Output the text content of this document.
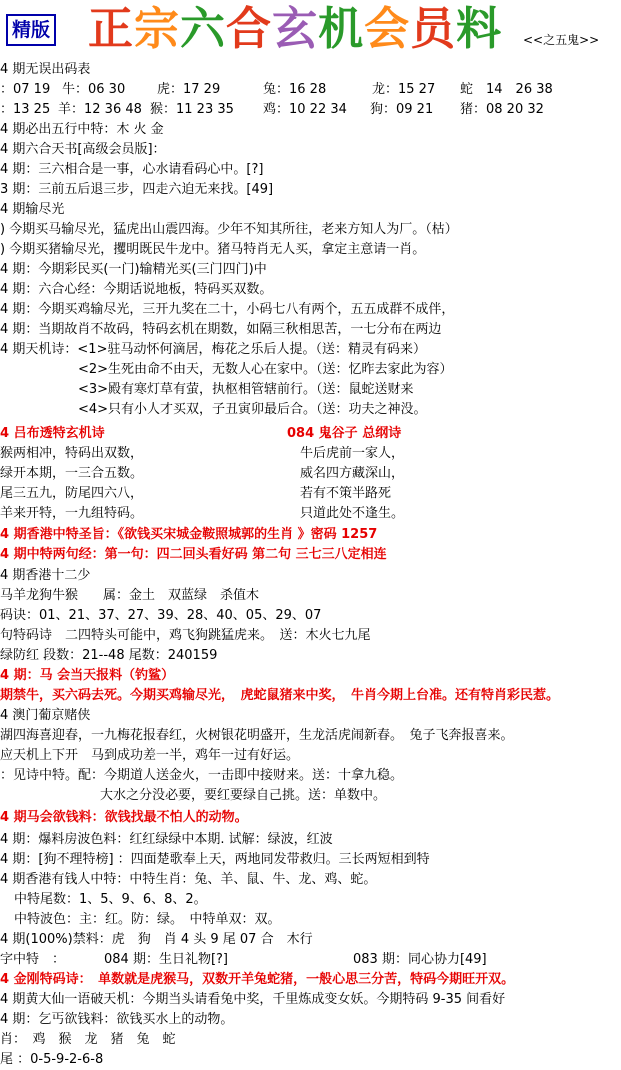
精版 正宗六合玄机会员料 <<之五鬼>>
4 期无误出码表
：07 19 牛：06 30 虎：17 29	兔：16 28	龙：15 27 蛇　14　26 38
：13 25 羊：12 36 48 猴：11 23 35 鸡：10 22 34 狗：09 21 猪：08 20 32
4 期必出五行中特：木 火 金
4 期六合天书[高级会员版]：
4 期：三六相合是一事，心水请看码心中。[?]
3 期：三前五后退三步，四走六迫无来找。[49]
4 期输尽光
) 今期买马输尽光，猛虎出山震四海。少年不知其所往，老来方知人为厂。（枯）
) 今期买猪输尽光，攫明既民牛龙中。猪马特肖无人买，拿定主意请一肖。
4 期：今期彩民买(一门)输精光买(三门四门)中
4 期：六合心经：今期话说地板，特码买双数。
4 期：今期买鸡输尽光，三开九奖在二十，小码七八有两个，五五成群不成伴，
4 期：当期故肖不故码，特码玄机在期数，如隔三秋相思苦，一七分布在两边
4 期天机诗：<1>驻马动怀何滴居，梅花之乐后人提。（送：精灵有码来）
<2>生死由命不由天，无数人心在家中。（送：忆昨去家此为容）
<3>殿有寒灯草有萤，执枢相管辖前行。（送：鼠蛇送财来
<4>只有小人才买双，子丑寅卯最后合。（送：功夫之神没。
4 吕布透特玄机诗	084 鬼谷子 总纲诗
猴两相冲，特码出双数，	牛后虎前一家人，
绿开本期，一三合五数。	威名四方藏深山，
尾三五九，防尾四六八，	若有不策半路死
羊来开特，一九组特码。	只道此处不逢生。
4 期香港中特圣旨：《欲钱买宋城金鞍照城郭的生肖 》密码 1257
4 期中特两句经：第一句：四二回头看好码 第二句 三七三八定相连
4 期香港十二少
马羊龙狗牛猴 属：金土　双蓝绿　杀值木
码诀：01、21、37、27、39、28、40、05、29、07
句特码诗　二四特头可能中，鸡飞狗跳猛虎来。　送：木火七九尾
绿防红 段数：21--48 尾数：240159
4 期：马 会当天报料（钓鲨）
期禁牛，买六码去死。今期买鸡输尽光，　虎蛇鼠猪来中奖，　牛肖今期上台准。还有特肖彩民惹。
4 澳门葡京赌侠
湖四海喜迎春，一九梅花报春红，火树银花明盛开，生龙活虎闹新春。　兔子飞奔报喜来。
应天机上下开　马到成功差一半，鸡年一过有好运。
：见诗中特。配：今期道人送金火，一击即中接财来。送：十拿九稳。
大水之分没必要，要红要绿自己挑。送：单数中。
4 期马会欲钱料：欲钱找最不怕人的动物。
4 期：爆料房波色料：红红绿绿中本期. 试解：绿波，红波
4 期：[狗不理特榜] ：四面楚歌奉上天，两地同发带救归。三长两短相到特
4 期香港有钱人中特：中特生肖：兔、羊、鼠、牛、龙、鸡、蛇。
中特尾数：1、5、9、6、8、2。
中特波色：主：红。防：绿。　中特单双：双。
4 期(100%)禁料：虎　狗　肖 4 头 9 尾 07 合　木行
字中特　：	084 期：生日礼物[?]	083 期：同心协力[49]
4 金刚特码诗：　单数就是虎猴马，双数开羊兔蛇猪，一般心思三分苦，特码今期旺开双。
4 期黄大仙一语破天机：今期当头请看兔中奖，千里炼成变女妖。今期特码 9-35 间看好
4 期：乞丐欲钱料：欲钱买水上的动物。
肖：　鸡　猴　龙　猪　兔　蛇
尾 ：0-5-9-2-6-8
